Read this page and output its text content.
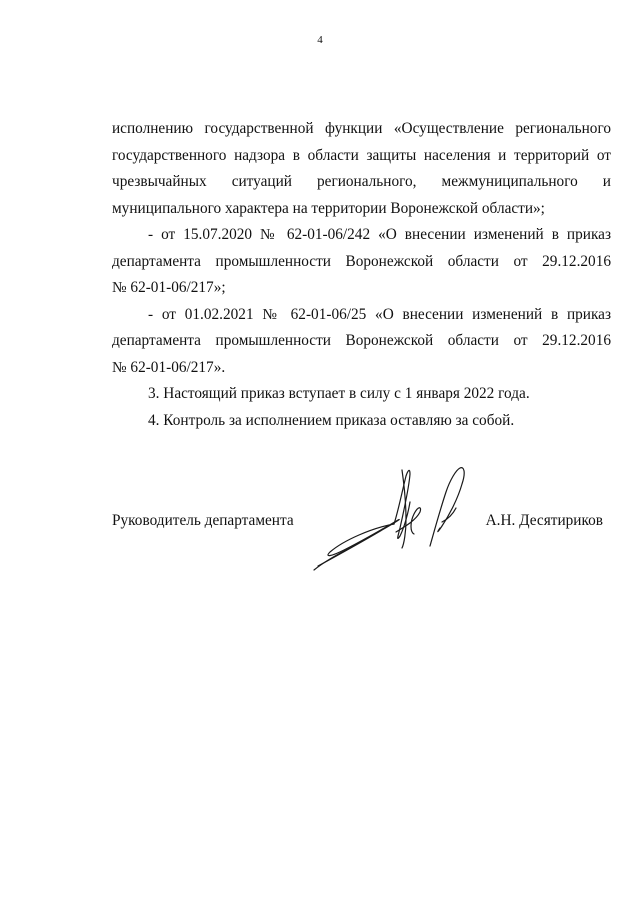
4
исполнению государственной функции «Осуществление регионального
государственного надзора в области защиты населения и территорий от
чрезвычайных ситуаций регионального, межмуниципального и
муниципального характера на территории Воронежской области»;
- от 15.07.2020 № 62-01-06/242 «О внесении изменений в приказ
департамента промышленности Воронежской области от 29.12.2016
№ 62-01-06/217»;
- от 01.02.2021 № 62-01-06/25 «О внесении изменений в приказ
департамента промышленности Воронежской области от 29.12.2016
№ 62-01-06/217».
3. Настоящий приказ вступает в силу с 1 января 2022 года.
4. Контроль за исполнением приказа оставляю за собой.
Руководитель департамента	А.Н. Десятириков
